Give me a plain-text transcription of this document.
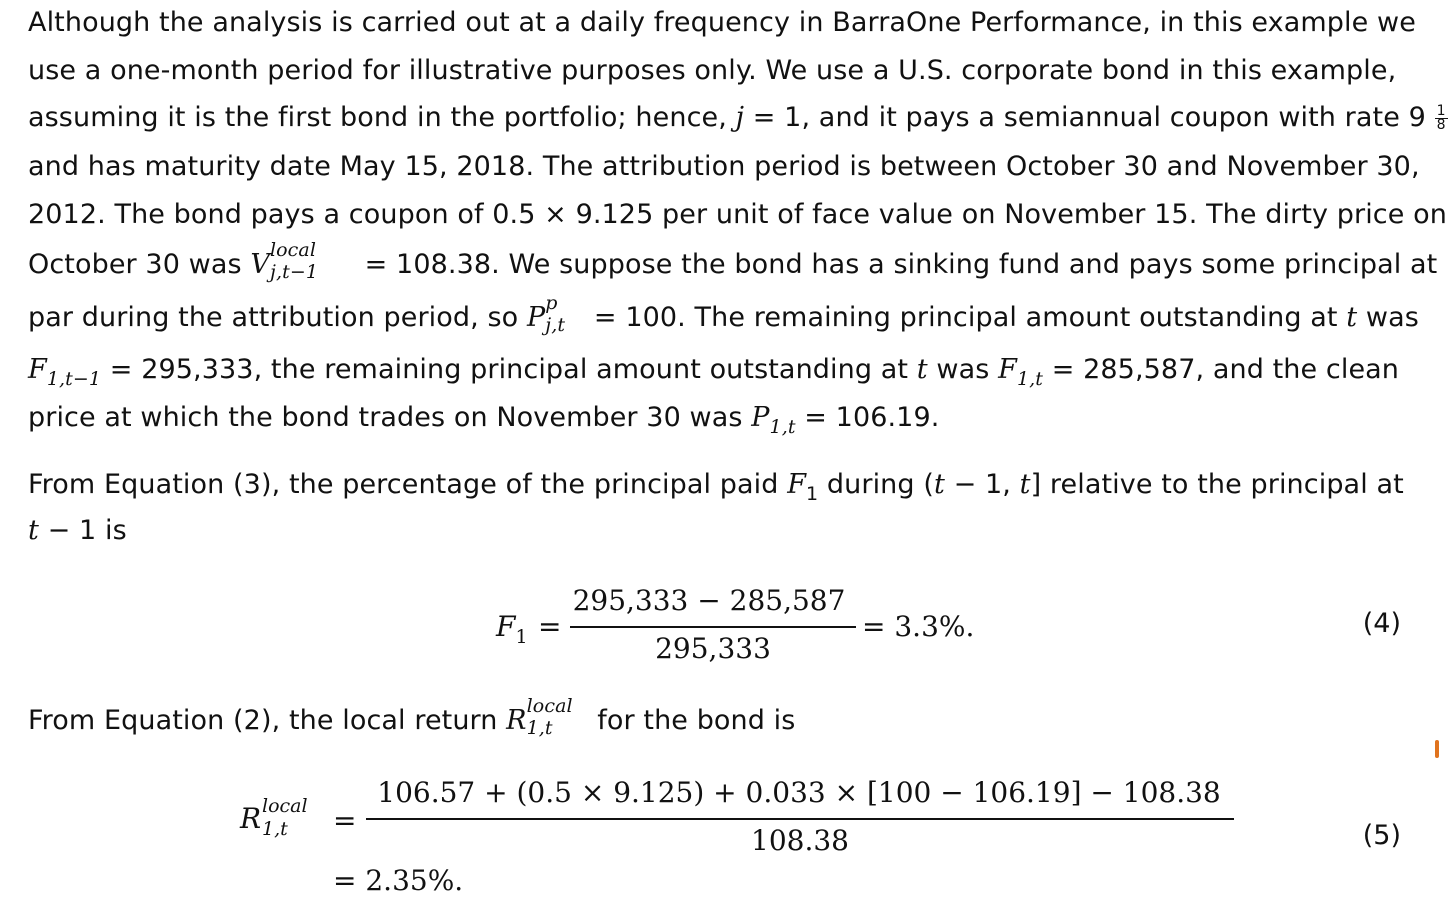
Although the analysis is carried out at a daily frequency in BarraOne Performance, in this example we
use a one-month period for illustrative purposes only. We use a U.S. corporate bond in this example,
assuming it is the first bond in the portfolio; hence, j = 1, and it pays a semiannual coupon with rate $9 \frac{1}{8}$
and has maturity date May 15, 2018. The attribution period is between October 30 and November 30,
2012. The bond pays a coupon of 0.5 × 9.125 per unit of face value on November 15. The dirty price on
October 30 was V local
j,t−1 = 108.38. We suppose the bond has a sinking fund and pays some principal at
par during the attribution period, so P p
j,t = 100. The remaining principal amount outstanding at t was
$F_{1,t-1} = 295,333$, the remaining principal amount outstanding at t was $F_{1,t} = 285,587$, and the clean
price at which the bond trades on November 30 was $P_{1,t} = 106.19$.
From Equation (3), the percentage of the principal paid $F_1$ during (t − 1, t] relative to the principal at
t − 1 is
$F_1$ =
295,333 − 285,587
295,333
= 3.3%.	(4)
From Equation (2), the local return R local
1,t for the bond is
R local
1,t =
106.57 + (0.5 × 9.125) + 0.033 × [100 − 106.19] − 108.38
108.38
= 2.35%.
(5)
